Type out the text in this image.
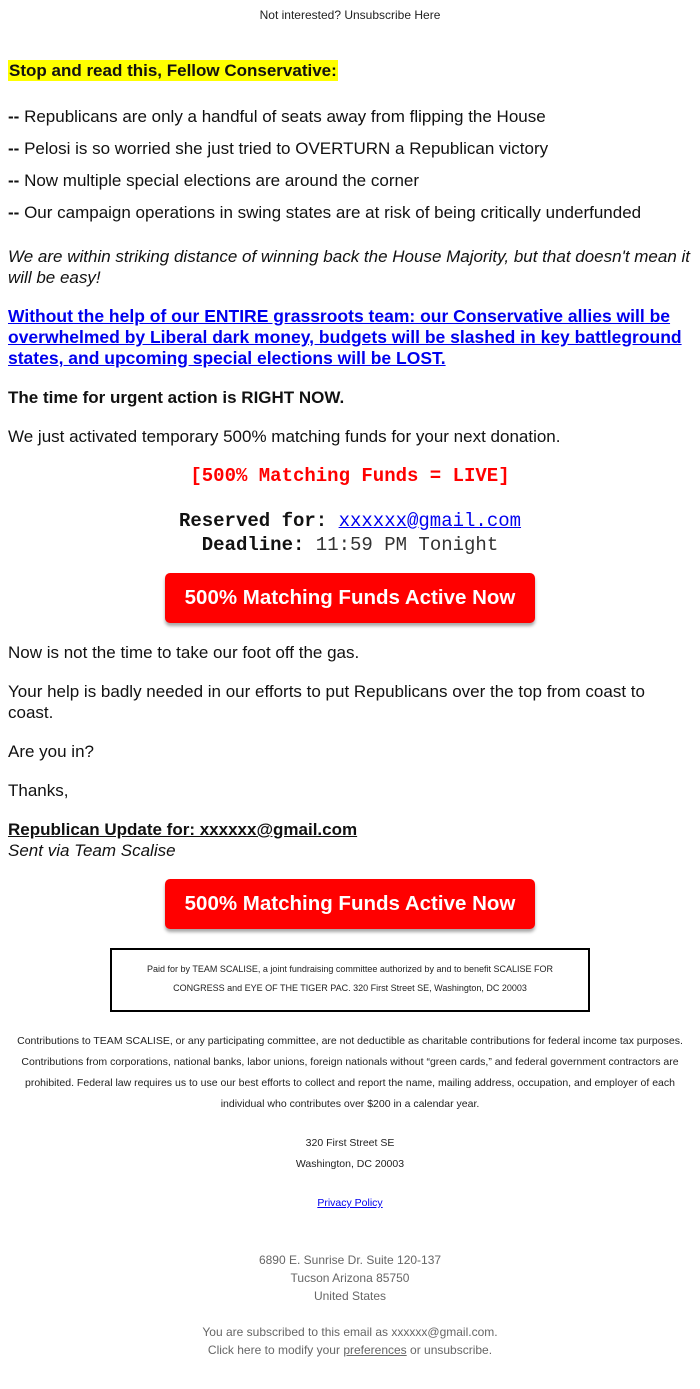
Not interested? Unsubscribe Here
Stop and read this, Fellow Conservative:

-- Republicans are only a handful of seats away from flipping the House

-- Pelosi is so worried she just tried to OVERTURN a Republican victory

-- Now multiple special elections are around the corner

-- Our campaign operations in swing states are at risk of being critically underfunded

We are within striking distance of winning back the House Majority, but that doesn't mean it will be easy!
Without the help of our ENTIRE grassroots team: our Conservative allies will be overwhelmed by Liberal dark money, budgets will be slashed in key battleground states, and upcoming special elections will be LOST.
The time for urgent action is RIGHT NOW.
We just activated temporary 500% matching funds for your next donation.
[500% Matching Funds = LIVE]
Reserved for: xxxxxx@gmail.com
Deadline: 11:59 PM Tonight
500% Matching Funds Active Now
Now is not the time to take our foot off the gas.
Your help is badly needed in our efforts to put Republicans over the top from coast to coast.
Are you in?
Thanks,
Republican Update for: xxxxxx@gmail.com
Sent via Team Scalise
500% Matching Funds Active Now
Paid for by TEAM SCALISE, a joint fundraising committee authorized by and to benefit SCALISE FOR CONGRESS and EYE OF THE TIGER PAC. 320 First Street SE, Washington, DC 20003
Contributions to TEAM SCALISE, or any participating committee, are not deductible as charitable contributions for federal income tax purposes. Contributions from corporations, national banks, labor unions, foreign nationals without “green cards,” and federal government contractors are prohibited. Federal law requires us to use our best efforts to collect and report the name, mailing address, occupation, and employer of each individual who contributes over $200 in a calendar year.
320 First Street SE
Washington, DC 20003
Privacy Policy
6890 E. Sunrise Dr. Suite 120-137
Tucson Arizona 85750
United States
You are subscribed to this email as xxxxxx@gmail.com.
Click here to modify your preferences or unsubscribe.
